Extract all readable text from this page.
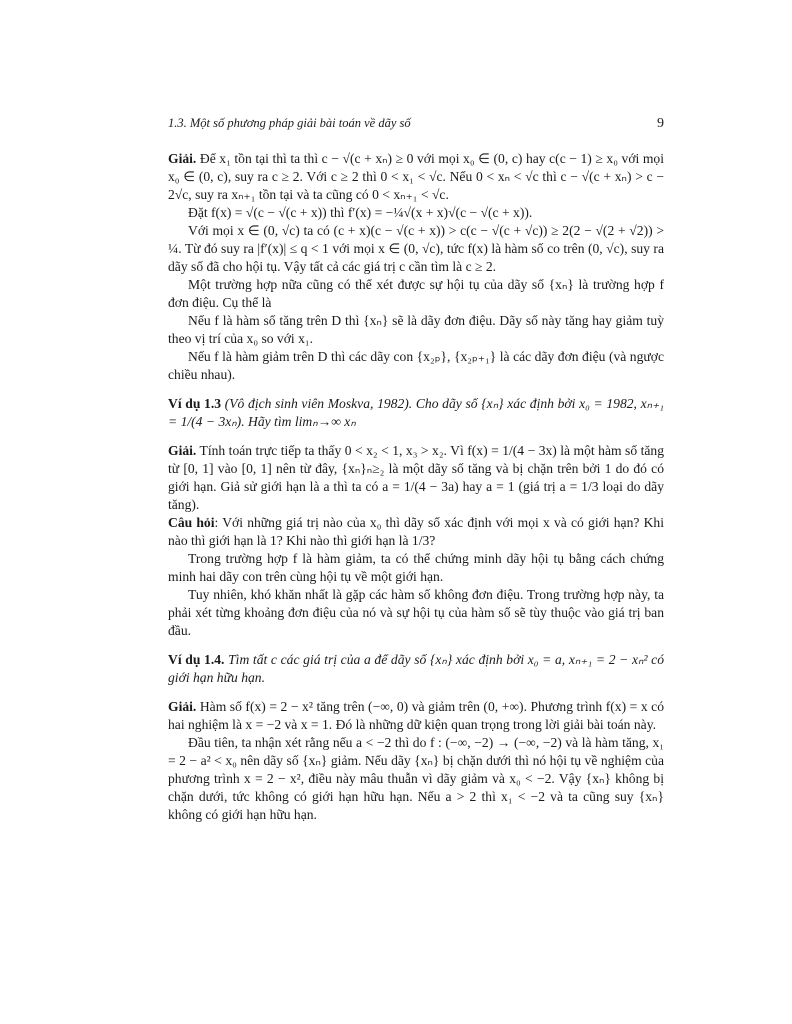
1.3. Một số phương pháp giải bài toán về dãy số	9

Giải. Để x₁ tồn tại thì ta thì c − √(c + xₙ) ≥ 0 với mọi x₀ ∈ (0, c) hay c(c − 1) ≥ x₀ với mọi x₀ ∈ (0, c), suy ra c ≥ 2. Với c ≥ 2 thì 0 < x₁ < √c. Nếu 0 < xₙ < √c thì c − √(c + xₙ) > c − 2√c, suy ra xₙ₊₁ tồn tại và ta cũng có 0 < xₙ₊₁ < √c.

Đặt f(x) = √(c − √(c + x)) thì f′(x) = −¼√(x + x)√(c − √(c + x)).

Với mọi x ∈ (0, √c) ta có (c + x)(c − √(c + x)) > c(c − √(c + √c)) ≥ 2(2 − √(2 + √2)) > ¼. Từ đó suy ra |f′(x)| ≤ q < 1 với mọi x ∈ (0, √c), tức f(x) là hàm số co trên (0, √c), suy ra dãy số đã cho hội tụ. Vậy tất cả các giá trị c cần tìm là c ≥ 2.

Một trường hợp nữa cũng có thể xét được sự hội tụ của dãy số {xₙ} là trường hợp f đơn điệu. Cụ thể là

Nếu f là hàm số tăng trên D thì {xₙ} sẽ là dãy đơn điệu. Dãy số này tăng hay giảm tuỳ theo vị trí của x₀ so với x₁.

Nếu f là hàm giảm trên D thì các dãy con {x₂ₚ}, {x₂ₚ₊₁} là các dãy đơn điệu (và ngược chiều nhau).

Ví dụ 1.3 (Vô địch sinh viên Moskva, 1982). Cho dãy số {xₙ} xác định bởi x₀ = 1982, xₙ₊₁ = 1/(4 − 3xₙ). Hãy tìm limₙ→∞ xₙ

Giải. Tính toán trực tiếp ta thấy 0 < x₂ < 1, x₃ > x₂. Vì f(x) = 1/(4 − 3x) là một hàm số tăng từ [0, 1] vào [0, 1] nên từ đây, {xₙ}ₙ≥₂ là một dãy số tăng và bị chặn trên bởi 1 do đó có giới hạn. Giả sử giới hạn là a thì ta có a = 1/(4 − 3a) hay a = 1 (giá trị a = 1/3 loại do dãy tăng).

Câu hỏi: Với những giá trị nào của x₀ thì dãy số xác định với mọi x và có giới hạn? Khi nào thì giới hạn là 1? Khi nào thì giới hạn là 1/3?

Trong trường hợp f là hàm giảm, ta có thể chứng minh dãy hội tụ bằng cách chứng minh hai dãy con trên cùng hội tụ về một giới hạn.

Tuy nhiên, khó khăn nhất là gặp các hàm số không đơn điệu. Trong trường hợp này, ta phải xét từng khoảng đơn điệu của nó và sự hội tụ của hàm số sẽ tùy thuộc vào giá trị ban đầu.

Ví dụ 1.4. Tìm tất c các giá trị của a để dãy số {xₙ} xác định bởi x₀ = a, xₙ₊₁ = 2 − xₙ² có giới hạn hữu hạn.

Giải. Hàm số f(x) = 2 − x² tăng trên (−∞, 0) và giảm trên (0, +∞). Phương trình f(x) = x có hai nghiệm là x = −2 và x = 1. Đó là những dữ kiện quan trọng trong lời giải bài toán này.

Đầu tiên, ta nhận xét rằng nếu a < −2 thì do f : (−∞, −2) → (−∞, −2) và là hàm tăng, x₁ = 2 − a² < x₀ nên dãy số {xₙ} giảm. Nếu dãy {xₙ} bị chặn dưới thì nó hội tụ về nghiệm của phương trình x = 2 − x², điều này mâu thuẫn vì dãy giảm và x₀ < −2. Vậy {xₙ} không bị chặn dưới, tức không có giới hạn hữu hạn. Nếu a > 2 thì x₁ < −2 và ta cũng suy {xₙ} không có giới hạn hữu hạn.
